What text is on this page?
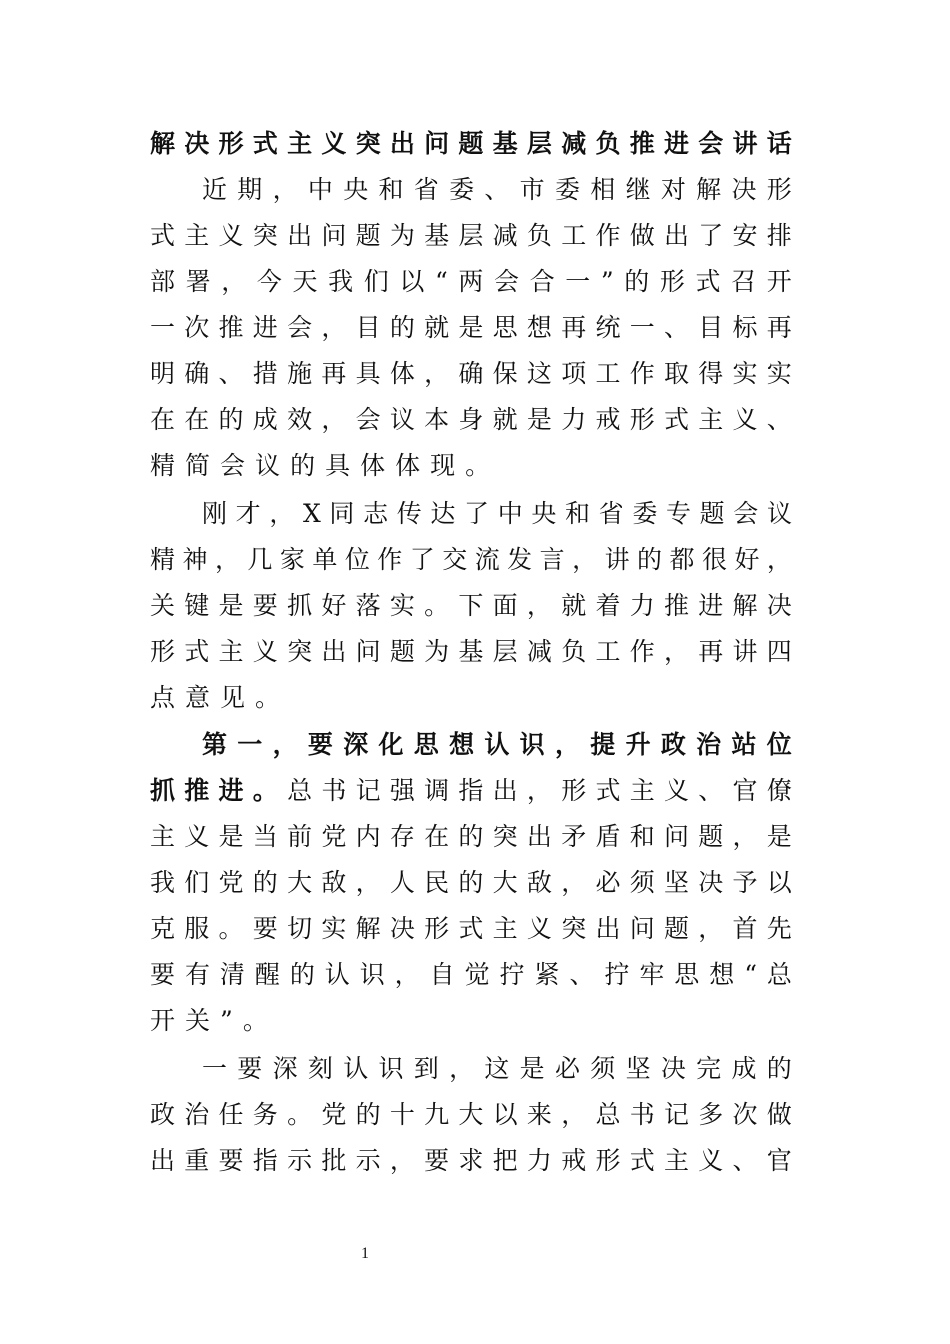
解 决 形 式 主 义 突 出 问 题 基 层 减 负 推 进 会 讲 话
近 期 ， 中 央 和 省 委 、 市 委 相 继 对 解 决 形
式 主 义 突 出 问 题 为 基 层 减 负 工 作 做 出 了 安 排
部 署 ， 今 天 我 们 以 “ 两 会 合 一 ” 的 形 式 召 开
一 次 推 进 会 ， 目 的 就 是 思 想 再 统 一 、 目 标 再
明 确 、 措 施 再 具 体 ， 确 保 这 项 工 作 取 得 实 实
在 在 的 成 效 ， 会 议 本 身 就 是 力 戒 形 式 主 义 、
精 简 会 议 的 具 体 体 现 。
刚 才 ， X 同 志 传 达 了 中 央 和 省 委 专 题 会 议
精 神 ， 几 家 单 位 作 了 交 流 发 言 ， 讲 的 都 很 好 ，
关 键 是 要 抓 好 落 实 。 下 面 ， 就 着 力 推 进 解 决
形 式 主 义 突 出 问 题 为 基 层 减 负 工 作 ， 再 讲 四
点 意 见 。
第 一 ， 要 深 化 思 想 认 识 ， 提 升 政 治 站 位
抓 推 进 。 总 书 记 强 调 指 出 ， 形 式 主 义 、 官 僚
主 义 是 当 前 党 内 存 在 的 突 出 矛 盾 和 问 题 ， 是
我 们 党 的 大 敌 ， 人 民 的 大 敌 ， 必 须 坚 决 予 以
克 服 。 要 切 实 解 决 形 式 主 义 突 出 问 题 ， 首 先
要 有 清 醒 的 认 识 ， 自 觉 拧 紧 、 拧 牢 思 想 “ 总
开 关 ” 。
一 要 深 刻 认 识 到 ， 这 是 必 须 坚 决 完 成 的
政 治 任 务 。 党 的 十 九 大 以 来 ， 总 书 记 多 次 做
出 重 要 指 示 批 示 ， 要 求 把 力 戒 形 式 主 义 、 官
1
